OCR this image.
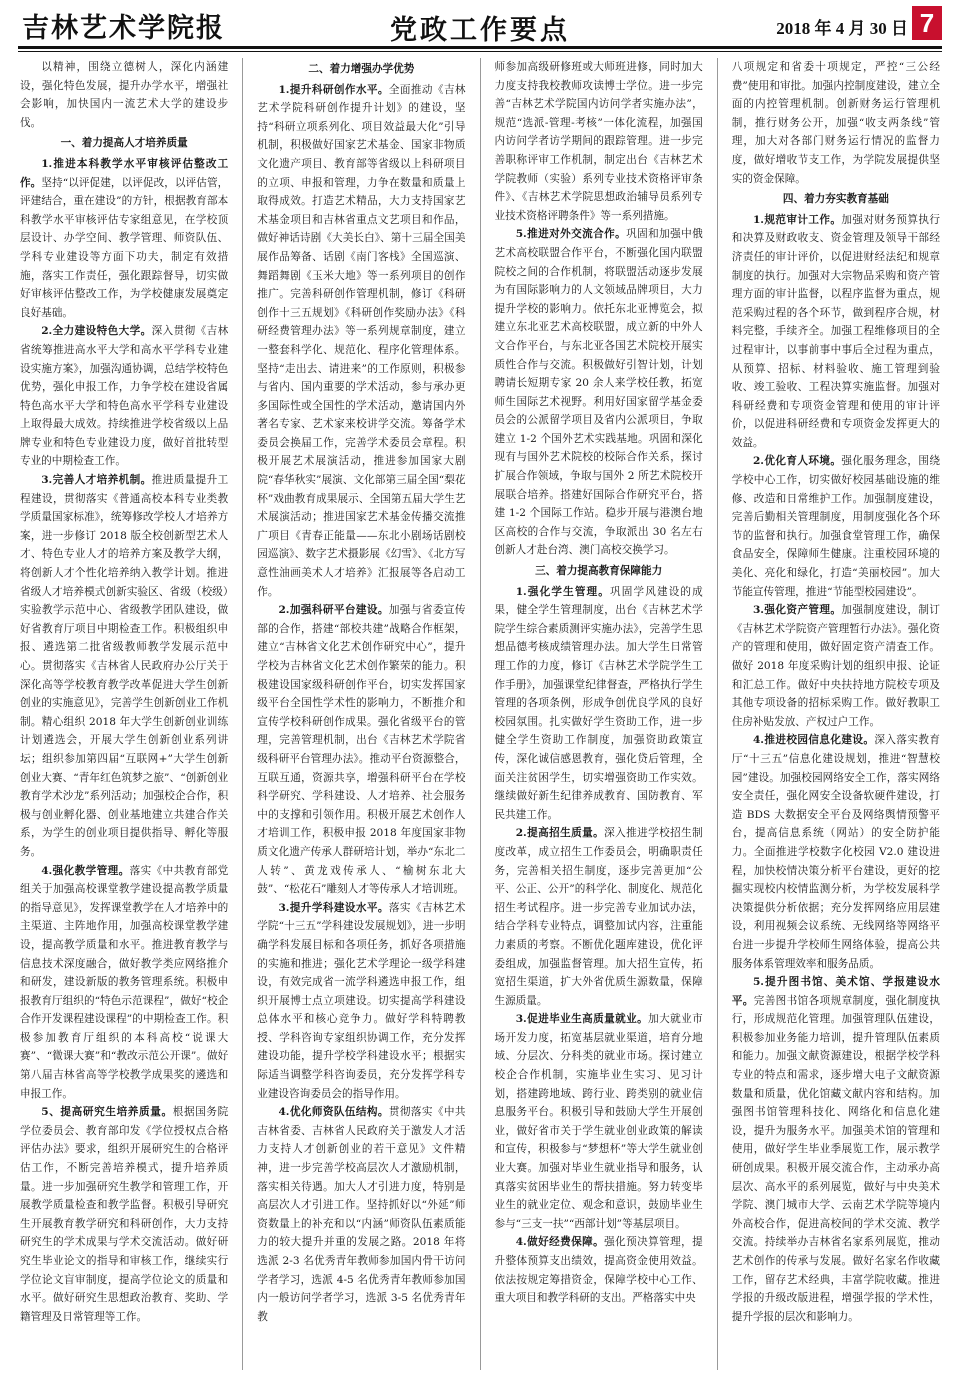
吉林艺术学院报	党政工作要点	2018 年 4 月 30 日 7

以精神，围绕立德树人，深化内涵建设，强化特色发展，提升办学水平，增强社会影响，加快国内一流艺术大学的建设步伐。

一、着力提高人才培养质量

1.推进本科教学水平审核评估整改工作。坚持“以评促建，以评促改，以评估管，评建结合，重在建设”的方针，根据教育部本科教学水平审核评估专家组意见，在学校顶层设计、办学空间、教学管理、师资队伍、学科专业建设等方面下功夫，制定有效措施，落实工作责任，强化跟踪督导，切实做好审核评估整改工作，为学校健康发展奠定良好基础。

2.全力建设特色大学。深入贯彻《吉林省统筹推进高水平大学和高水平学科专业建设实施方案》，加强沟通协调，总结学校特色优势，强化申报工作，力争学校在建设省属特色高水平大学和特色高水平学科专业建设上取得最大成效。持续推进学校省级以上品牌专业和特色专业建设力度，做好首批转型专业的中期检查工作。

3.完善人才培养机制。推进质量提升工程建设，贯彻落实《普通高校本科专业类教学质量国家标准》，统筹修改学校人才培养方案，进一步修订 2018 版全校创新型艺术人才、特色专业人才的培养方案及教学大纲，将创新人才个性化培养纳入教学计划。推进省级人才培养模式创新实验区、省级（校级）实验教学示范中心、省级教学团队建设，做好省教育厅项目中期检查工作。积极组织申报、遴选第二批省级教师教学发展示范中心。贯彻落实《吉林省人民政府办公厅关于深化高等学校教育教学改革促进大学生创新创业的实施意见》，完善学生创新创业工作机制。精心组织 2018 年大学生创新创业训练计划遴选会，开展大学生创新创业系列讲坛；组织参加第四届“互联网+”大学生创新创业大赛、“青年红色筑梦之旅”、“创新创业教育学术沙龙”系列活动；加强校企合作，积极与创业孵化器、创业基地建立共建合作关系，为学生的创业项目提供指导、孵化等服务。

4.强化教学管理。落实《中共教育部党组关于加强高校课堂教学建设提高教学质量的指导意见》，发挥课堂教学在人才培养中的主渠道、主阵地作用，加强高校课堂教学建设，提高教学质量和水平。推进教育教学与信息技术深度融合，做好教学类应网络推介和研发，建设新版的教务管理系统。积极申报教育厅组织的“特色示范课程”，做好“校企合作开发课程建设课程”的中期检查工作。积极参加教育厅组织的本科高校“说课大赛”、“微课大赛”和“教改示范公开课”。做好第八届吉林省高等学校教学成果奖的遴选和申报工作。

5、提高研究生培养质量。根据国务院学位委员会、教育部印发《学位授权点合格评估办法》要求，组织开展研究生的合格评估工作，不断完善培养模式，提升培养质量。进一步加强研究生教学和管理工作，开展教学质量检查和教学监督。积极引导研究生开展教育教学研究和科研创作，大力支持研究生的学术成果与学术交流活动。做好研究生毕业论文的指导和审核工作，继续实行学位论文盲审制度，提高学位论文的质量和水平。做好研究生思想政治教育、奖助、学籍管理及日常管理等工作。

二、着力增强办学优势

1.提升科研创作水平。全面推动《吉林艺术学院科研创作提升计划》的建设，坚持“科研立项系列化、项目效益最大化”引导机制，积极做好国家艺术基金、国家非物质文化遗产项目、教育部等省级以上科研项目的立项、申报和管理，力争在数量和质量上取得成效。打造艺术精品，大力支持国家艺术基金项目和吉林省重点文艺项目和作品，做好神话诗剧《大美长白》、第十三届全国美展作品筹备、话剧《南门客栈》全国巡演、舞蹈舞剧《玉米大地》等一系列项目的创作推广。完善科研创作管理机制，修订《科研创作十三五规划》《科研创作奖励办法》《科研经费管理办法》等一系列规章制度，建立一整套科学化、规范化、程序化管理体系。坚持“走出去、请进来”的工作原则，积极参与省内、国内重要的学术活动，参与承办更多国际性或全国性的学术活动，邀请国内外著名专家、艺术家来校讲学交流。筹备学术委员会换届工作，完善学术委员会章程。积极开展艺术展演活动，推进参加国家大剧院“春华秋实”展演、文化部第三届全国“梨花杯”戏曲教育成果展示、全国第五届大学生艺术展演活动；推进国家艺术基金传播交流推广项目《青春正能量——东北小剧场话剧校园巡演》、数字艺术摄影展《幻雪》、《北方写意性油画美术人才培养》汇报展等各启动工作。

2.加强科研平台建设。加强与省委宣传部的合作，搭建“部校共建”战略合作框架，建立“吉林省文化艺术创作研究中心”，提升学校为吉林省文化艺术创作繁荣的能力。积极建设国家级科研创作平台，切实发挥国家级平台全国性学术性的影响力，不断推介和宣传学校科研创作成果。强化省级平台的管理，完善管理机制，出台《吉林艺术学院省级科研平台管理办法》。推动平台资源整合，互联互通，资源共享，增强科研平台在学校科学研究、学科建设、人才培养、社会服务中的支撑和引领作用。积极开展艺术创作人才培训工作，积极申报 2018 年度国家非物质文化遗产传承人群研培计划，举办“东北二人转”、黄龙戏传承人、“榆树东北大鼓”、“松花石”雕刻人才等传承人才培训班。

3.提升学科建设水平。落实《吉林艺术学院“十三五”学科建设发展规划》，进一步明确学科发展目标和各项任务，抓好各项措施的实施和推进；强化艺术学理论一级学科建设，有效完成省一流学科遴选申报工作，组织开展博士点立项建设。切实提高学科建设总体水平和核心竞争力。做好学科特聘教授、学科咨询专家组织协调工作，充分发挥建设功能，提升学校学科建设水平；根据实际适当调整学科咨询委员，充分发挥学科专业建设咨询委员会的指导作用。

4.优化师资队伍结构。贯彻落实《中共吉林省委、吉林省人民政府关于激发人才活力支持人才创新创业的若干意见》文件精神，进一步完善学校高层次人才激励机制，落实相关待遇。加大人才引进力度，特别是高层次人才引进工作。坚持抓好以“外延”师资数量上的补充和以“内涵”师资队伍素质能力的较大提升并重的发展之路。2018 年将选派 2-3 名优秀青年教师参加国内骨干访问学者学习，选派 4-5 名优秀青年教师参加国内一般访问学者学习，选派 3-5 名优秀青年教

师参加高级研修班或大师班进修，同时加大力度支持我校教师攻读博士学位。进一步完善“吉林艺术学院国内访问学者实施办法”，规范“选派-管理-考核”一体化流程，加强国内访问学者访学期间的跟踪管理。进一步完善职称评审工作机制，制定出台《吉林艺术学院教师（实验）系列专业技术资格评审条件》、《吉林艺术学院思想政治辅导员系列专业技术资格评聘条件》等一系列措施。

5.推进对外交流合作。巩固和加强中俄艺术高校联盟合作平台，不断强化国内联盟院校之间的合作机制，将联盟活动逐步发展为有国际影响力的人文领域品牌项目，大力提升学校的影响力。依托东北亚博览会，拟建立东北亚艺术高校联盟，成立新的中外人文合作平台，与东北亚各国艺术院校开展实质性合作与交流。积极做好引智计划，计划聘请长短期专家 20 余人来学校任教，拓宽师生国际艺术视野。利用好国家留学基金委员会的公派留学项目及省内公派项目，争取建立 1-2 个国外艺术实践基地。巩固和深化现有与国外艺术院校的校际合作关系，探讨扩展合作领域，争取与国外 2 所艺术院校开展联合培养。搭建好国际合作研究平台，搭建 1-2 个国际工作站。稳步开展与港澳台地区高校的合作与交流，争取派出 30 名左右创新人才赴台湾、澳门高校交换学习。

三、着力提高教育保障能力

1.强化学生管理。巩固学风建设的成果，健全学生管理制度，出台《吉林艺术学院学生综合素质测评实施办法》，完善学生思想品德考核成绩管理办法。加大学生日常管理工作的力度，修订《吉林艺术学院学生工作手册》，加强课堂纪律督查，严格执行学生管理的各项条例，形成争创优良学风的良好校园氛围。扎实做好学生资助工作，进一步健全学生资助工作制度，加强资助政策宣传，深化诚信感恩教育，强化贷后管理，全面关注贫困学生，切实增强资助工作实效。继续做好新生纪律养成教育、国防教育、军民共建工作。

2.提高招生质量。深入推进学校招生制度改革，成立招生工作委员会，明确职责任务，完善相关招生制度，逐步完善更加“公平、公正、公开”的科学化、制度化、规范化招生考试程序。进一步完善专业加试办法，结合学科专业特点，调整加试内容，注重能力素质的考察。不断优化题库建设，优化评委组成，加强监督管理。加大招生宣传，拓宽招生渠道，扩大外省优质生源数量，保障生源质量。

3.促进毕业生高质量就业。加大就业市场开发力度，拓宽基层就业渠道，培育分地域、分层次、分科类的就业市场。探讨建立校企合作机制，实施毕业生实习、见习计划，搭建跨地域、跨行业、跨类别的就业信息服务平台。积极引导和鼓励大学生开展创业，做好省市关于学生就业创业政策的解读和宣传，积极参与“梦想杯”等大学生就业创业大赛。加强对毕业生就业指导和服务，认真落实贫困毕业生的帮扶措施。努力转变毕业生的就业定位、观念和意识，鼓励毕业生参与“三支一扶”“西部计划”等基层项目。

4.做好经费保障。强化预决算管理，提升整体预算支出绩效，提高资金使用效益。依法按规定筹措资金，保障学校中心工作、重大项目和教学科研的支出。严格落实中央

八项规定和省委十项规定，严控“三公经费”使用和审批。加强内控制度建设，建立全面的内控管理机制。创新财务运行管理机制，推行财务公开，加强“收支两条线”管理，加大对各部门财务运行情况的监督力度，做好增收节支工作，为学院发展提供坚实的资金保障。

四、着力夯实教育基础

1.规范审计工作。加强对财务预算执行和决算及财政收支、资金管理及领导干部经济责任的审计评价，以促进财经法纪和规章制度的执行。加强对大宗物品采购和资产管理方面的审计监督，以程序监督为重点，规范采购过程的各个环节，做到程序合规，材料完整，手续齐全。加强工程维修项目的全过程审计，以事前事中事后全过程为重点，从预算、招标、材料验收、施工管理到验收、竣工验收、工程决算实施监督。加强对科研经费和专项资金管理和使用的审计评价，以促进科研经费和专项资金发挥更大的效益。

2.优化育人环境。强化服务理念，围绕学校中心工作，切实做好校园基础设施的维修、改造和日常维护工作。加强制度建设，完善后勤相关管理制度，用制度强化各个环节的监督和执行。加强食堂管理工作，确保食品安全，保障师生健康。注重校园环境的美化、亮化和绿化，打造“美丽校园”。加大节能宣传管理，推进“节能型校园建设”。

3.强化资产管理。加强制度建设，制订《吉林艺术学院资产管理暂行办法》。强化资产的管理和使用，做好固定资产清查工作。做好 2018 年度采购计划的组织申报、论证和汇总工作。做好中央扶持地方院校专项及其他专项设备的招标采购工作。做好教职工住房补贴发放、产权过户工作。

4.推进校园信息化建设。深入落实教育厅“十三五”信息化建设规划，推进“智慧校园”建设。加强校园网络安全工作，落实网络安全责任，强化网安全设备软硬件建设，打造 BDS 大数据安全平台及网络舆情预警平台，提高信息系统（网站）的安全防护能力。全面推进学校数字化校园 V2.0 建设进程，加快校情决策分析平台建设，更好的挖掘实现校内校情监测分析，为学校发展科学决策提供分析依据；充分发挥网络应用层建设，利用视频会议系统、无线网络等网络平台进一步提升学校师生网络体验，提高公共服务体系管理效率和服务品质。

5.提升图书馆、美术馆、学报建设水平。完善图书馆各项规章制度，强化制度执行，形成规范化管理。加强管理队伍建设，积极参加业务能力培训，提升管理队伍素质和能力。加强文献资源建设，根据学校学科专业的特点和需求，逐步增大电子文献资源数量和质量，优化馆藏文献内容和结构。加强图书馆管理科技化、网络化和信息化建设，提升为服务水平。加强美术馆的管理和使用，做好学生毕业季展览工作，展示教学研创成果。积极开展交流合作，主动承办高层次、高水平的系列展览，做好与中央美术学院、澳门城市大学、云南艺术学院等境内外高校合作，促进高校间的学术交流、教学交流。持续举办吉林省名家系列展览，推动艺术创作的传承与发展。做好名家名作收藏工作，留存艺术经典，丰富学院收藏。推进学报的升级改版进程，增强学报的学术性，提升学报的层次和影响力。
